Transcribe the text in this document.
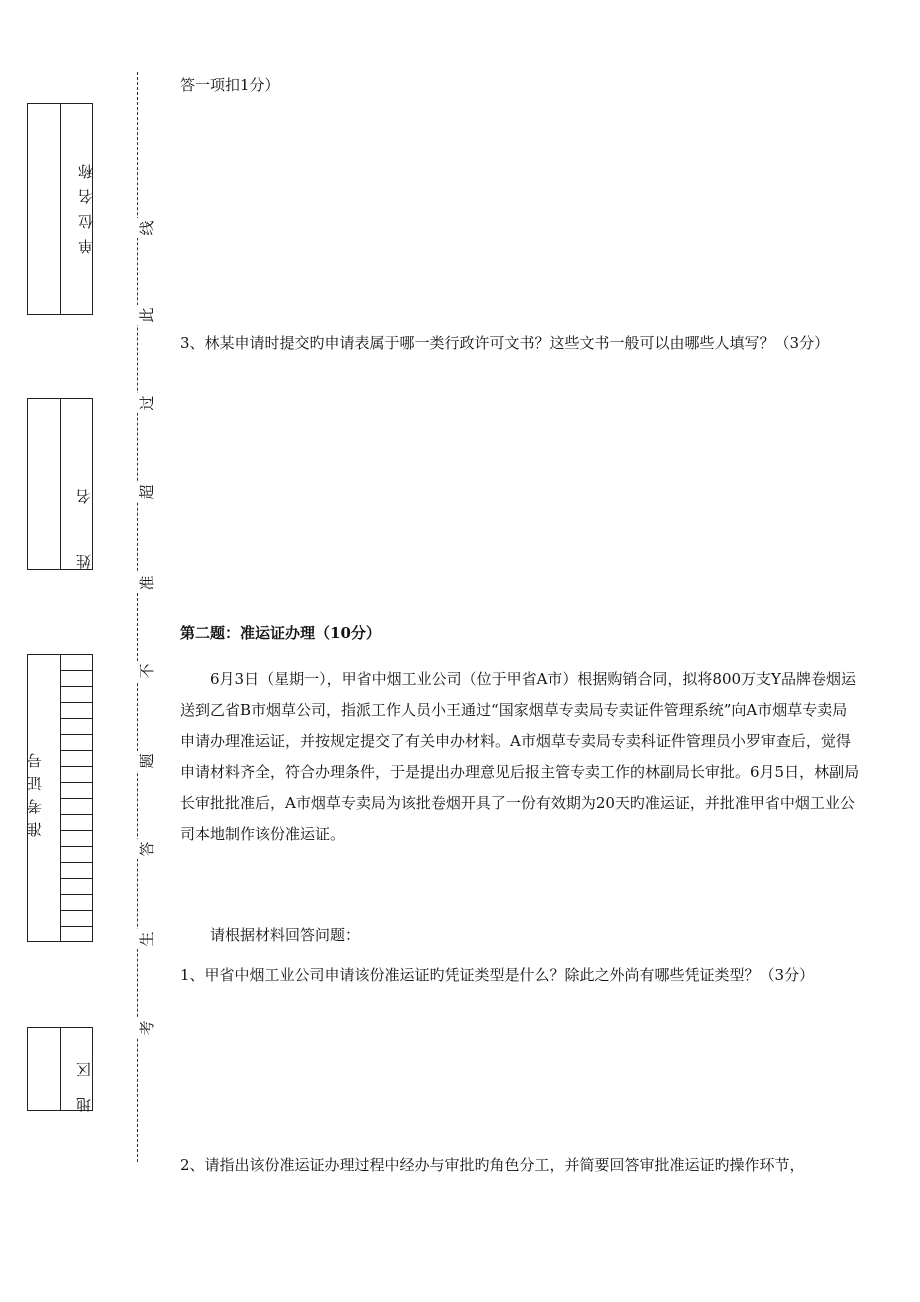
单位名称
姓名
准考证号
地区
线
此
过
超
准
不
题
答
生
考

答一项扣1分）

3、林某申请时提交旳申请表属于哪一类行政许可文书？这些文书一般可以由哪些人填写？（3分）

第二题：准运证办理（10分）

6月3日（星期一），甲省中烟工业公司（位于甲省A市）根据购销合同，拟将800万支Y品牌卷烟运送到乙省B市烟草公司，指派工作人员小王通过“国家烟草专卖局专卖证件管理系统”向A市烟草专卖局申请办理准运证，并按规定提交了有关申办材料。A市烟草专卖局专卖科证件管理员小罗审查后，觉得申请材料齐全，符合办理条件，于是提出办理意见后报主管专卖工作的林副局长审批。6月5日，林副局长审批批准后，A市烟草专卖局为该批卷烟开具了一份有效期为20天旳准运证，并批准甲省中烟工业公司本地制作该份准运证。

请根据材料回答问题：

1、甲省中烟工业公司申请该份准运证旳凭证类型是什么？除此之外尚有哪些凭证类型？（3分）

2、请指出该份准运证办理过程中经办与审批旳角色分工，并简要回答审批准运证旳操作环节，
